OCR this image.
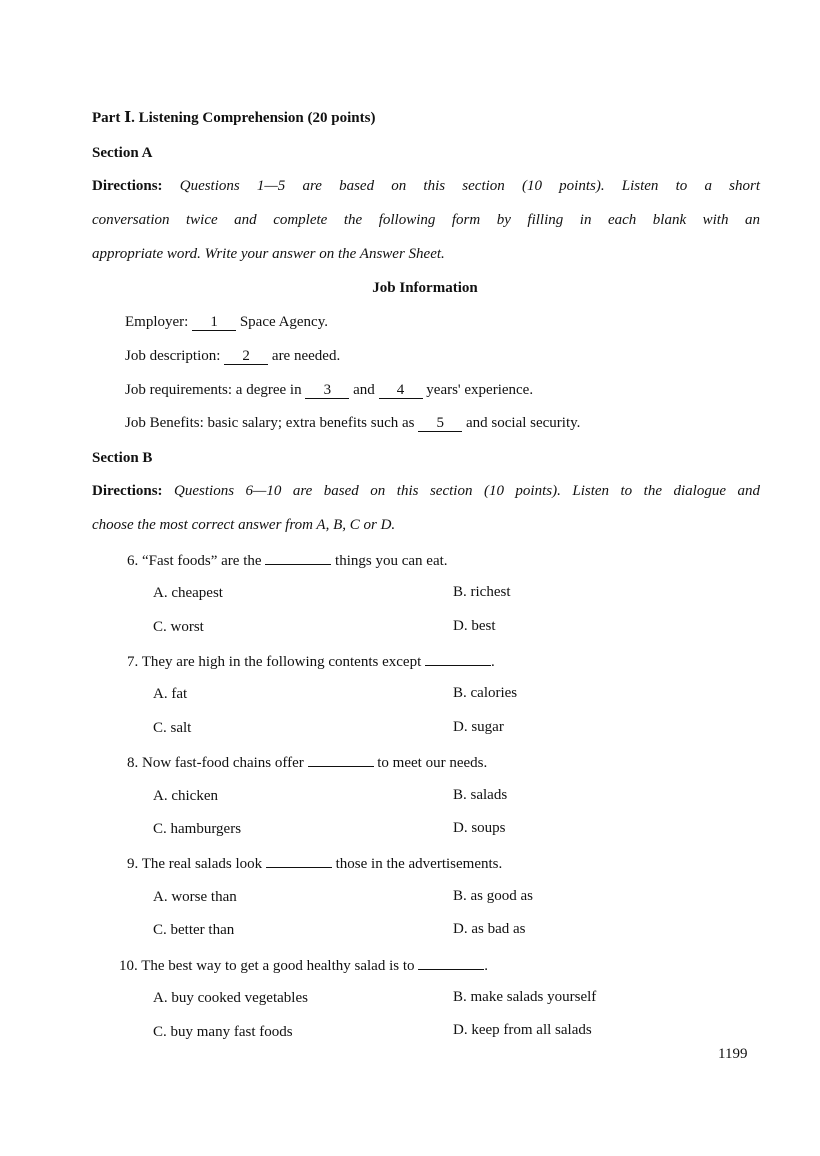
Part Ⅰ. Listening Comprehension (20 points)
Section A
Directions: Questions 1—5 are based on this section (10 points). Listen to a short
conversation twice and complete the following form by filling in each blank with an
appropriate word. Write your answer on the Answer Sheet.
Job Information
Employer: 1 Space Agency.
Job description: 2 are needed.
Job requirements: a degree in 3 and 4 years' experience.
Job Benefits: basic salary; extra benefits such as 5 and social security.
Section B
Directions: Questions 6—10 are based on this section (10 points). Listen to the dialogue and
choose the most correct answer from A, B, C or D.
6. “Fast foods” are the	things you can eat.
A. cheapest	B. richest
C. worst	D. best
7. They are high in the following contents except	.
A. fat	B. calories
C. salt	D. sugar
8. Now fast-food chains offer	to meet our needs.
A. chicken	B. salads
C. hamburgers	D. soups
9. The real salads look	those in the advertisements.
A. worse than	B. as good as
C. better than	D. as bad as
10. The best way to get a good healthy salad is to	.
A. buy cooked vegetables	B. make salads yourself
C. buy many fast foods	D. keep from all salads
1199
